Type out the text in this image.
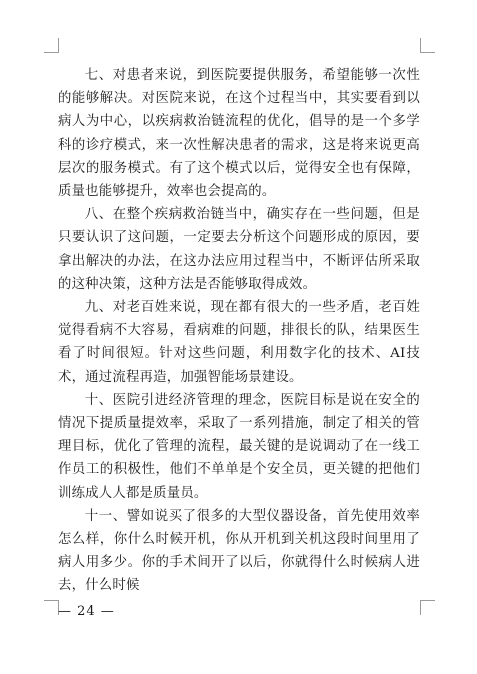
七、对患者来说，到医院要提供服务，希望能够一次性的能够解决。对医院来说，在这个过程当中，其实要看到以病人为中心，以疾病救治链流程的优化，倡导的是一个多学科的诊疗模式，来一次性解决患者的需求，这是将来说更高层次的服务模式。有了这个模式以后，觉得安全也有保障，质量也能够提升，效率也会提高的。

八、在整个疾病救治链当中，确实存在一些问题，但是只要认识了这问题，一定要去分析这个问题形成的原因，要拿出解决的办法，在这办法应用过程当中，不断评估所采取的这种决策，这种方法是否能够取得成效。

九、对老百姓来说，现在都有很大的一些矛盾，老百姓觉得看病不大容易，看病难的问题，排很长的队，结果医生看了时间很短。针对这些问题，利用数字化的技术、AI技术，通过流程再造，加强智能场景建设。

十、医院引进经济管理的理念，医院目标是说在安全的情况下提质量提效率，采取了一系列措施，制定了相关的管理目标，优化了管理的流程，最关键的是说调动了在一线工作员工的积极性，他们不单单是个安全员，更关键的把他们训练成人人都是质量员。

十一、譬如说买了很多的大型仪器设备，首先使用效率怎么样，你什么时候开机，你从开机到关机这段时间里用了病人用多少。你的手术间开了以后，你就得什么时候病人进去，什么时候

— 24 —
